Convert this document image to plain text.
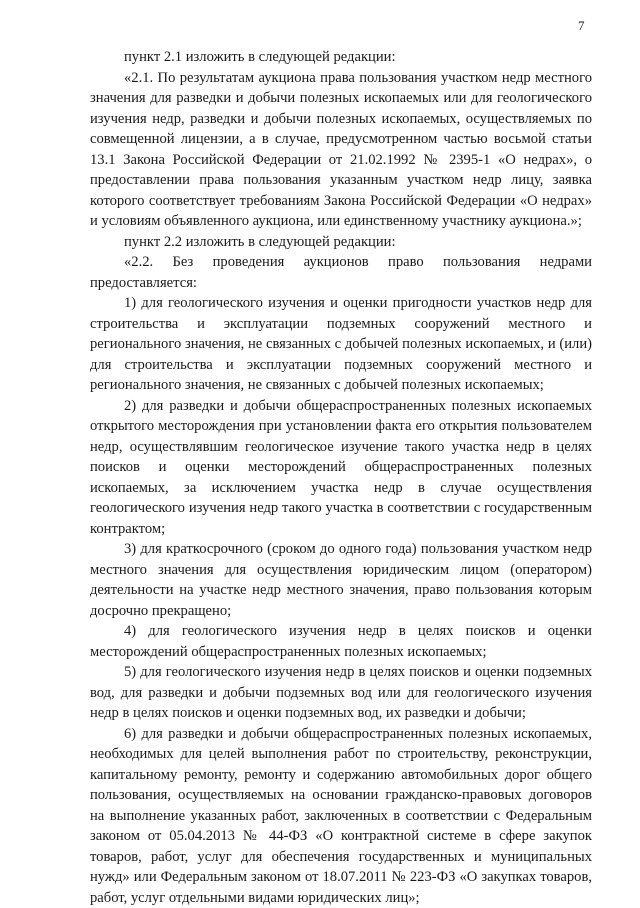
7

пункт 2.1 изложить в следующей редакции:

«2.1. По результатам аукциона права пользования участком недр местного значения для разведки и добычи полезных ископаемых или для геологического изучения недр, разведки и добычи полезных ископаемых, осуществляемых по совмещенной лицензии, а в случае, предусмотренном частью восьмой статьи 13.1 Закона Российской Федерации от 21.02.1992 № 2395-1 «О недрах», о предоставлении права пользования указанным участком недр лицу, заявка которого соответствует требованиям Закона Российской Федерации «О недрах» и условиям объявленного аукциона, или единственному участнику аукциона.»;

пункт 2.2 изложить в следующей редакции:

«2.2. Без проведения аукционов право пользования недрами предоставляется:

1) для геологического изучения и оценки пригодности участков недр для строительства и эксплуатации подземных сооружений местного и регионального значения, не связанных с добычей полезных ископаемых, и (или) для строительства и эксплуатации подземных сооружений местного и регионального значения, не связанных с добычей полезных ископаемых;

2) для разведки и добычи общераспространенных полезных ископаемых открытого месторождения при установлении факта его открытия пользователем недр, осуществлявшим геологическое изучение такого участка недр в целях поисков и оценки месторождений общераспространенных полезных ископаемых, за исключением участка недр в случае осуществления геологического изучения недр такого участка в соответствии с государственным контрактом;

3) для краткосрочного (сроком до одного года) пользования участком недр местного значения для осуществления юридическим лицом (оператором) деятельности на участке недр местного значения, право пользования которым досрочно прекращено;

4) для геологического изучения недр в целях поисков и оценки месторождений общераспространенных полезных ископаемых;

5) для геологического изучения недр в целях поисков и оценки подземных вод, для разведки и добычи подземных вод или для геологического изучения недр в целях поисков и оценки подземных вод, их разведки и добычи;

6) для разведки и добычи общераспространенных полезных ископаемых, необходимых для целей выполнения работ по строительству, реконструкции, капитальному ремонту, ремонту и содержанию автомобильных дорог общего пользования, осуществляемых на основании гражданско-правовых договоров на выполнение указанных работ, заключенных в соответствии с Федеральным законом от 05.04.2013 № 44-ФЗ «О контрактной системе в сфере закупок товаров, работ, услуг для обеспечения государственных и муниципальных нужд» или Федеральным законом от 18.07.2011 № 223-ФЗ «О закупках товаров, работ, услуг отдельными видами юридических лиц»;
